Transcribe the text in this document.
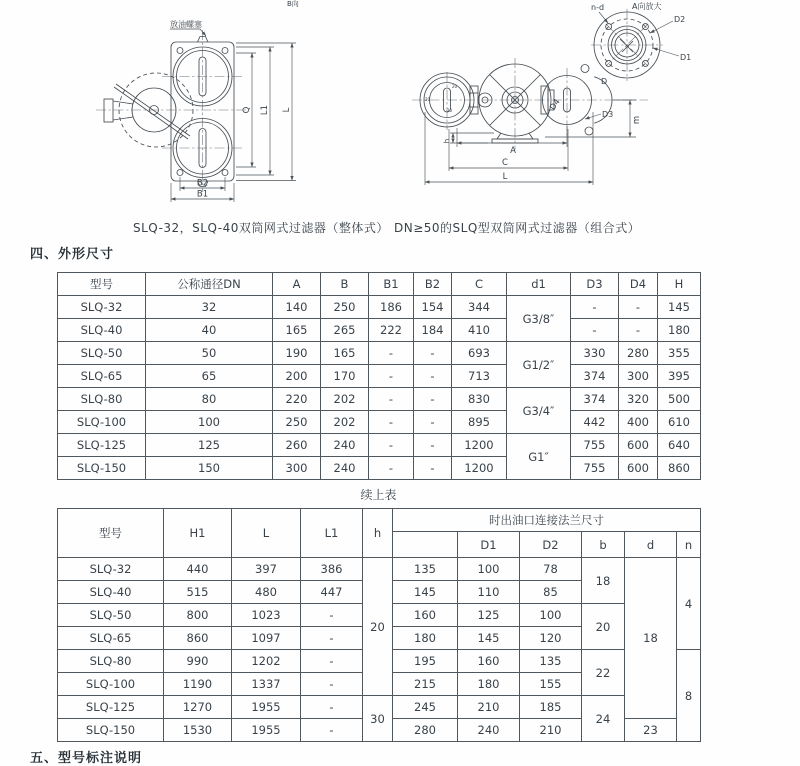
放油螺塞
B向
Q L1 L
B2
B1
20
20
20
n-d	A向放大
D2
D1
D
D3
D4
m
h
A
C
L
SLQ-32，SLQ-40双筒网式过滤器（整体式） DN≥50的SLQ型双筒网式过滤器（组合式）
四、外形尺寸
型号	公称通径DN	A	B	B1	B2	C	d1	D3	D4	H
SLQ-32	32	140	250	186	154	344	G3/8″	-	-	145
SLQ-40	40	165	265	222	184	410		-	-	180
SLQ-50	50	190	165	-	-	693	G1/2″	330	280	355
SLQ-65	65	200	170	-	-	713		374	300	395
SLQ-80	80	220	202	-	-	830	G3/4″	374	320	500
SLQ-100	100	250	202	-	-	895		442	400	610
SLQ-125	125	260	240	-	-	1200	G1″	755	600	640
SLQ-150	150	300	240	-	-	1200		755	600	860
续上表
型号	H1	L	L1	h	时出油口连接法兰尺寸					
						D1	D2	b	d	n
SLQ-32	440	397	386	20	135	100	78	18	18	4
SLQ-40	515	480	447		145	110	85			
SLQ-50	800	1023	-		160	125	100	20		
SLQ-65	860	1097	-		180	145	120			
SLQ-80	990	1202	-		195	160	135	22		8
SLQ-100	1190	1337	-		215	180	155			
SLQ-125	1270	1955	-	30	245	210	185	24		
SLQ-150	1530	1955	-		280	240	210		23	
五、型号标注说明
